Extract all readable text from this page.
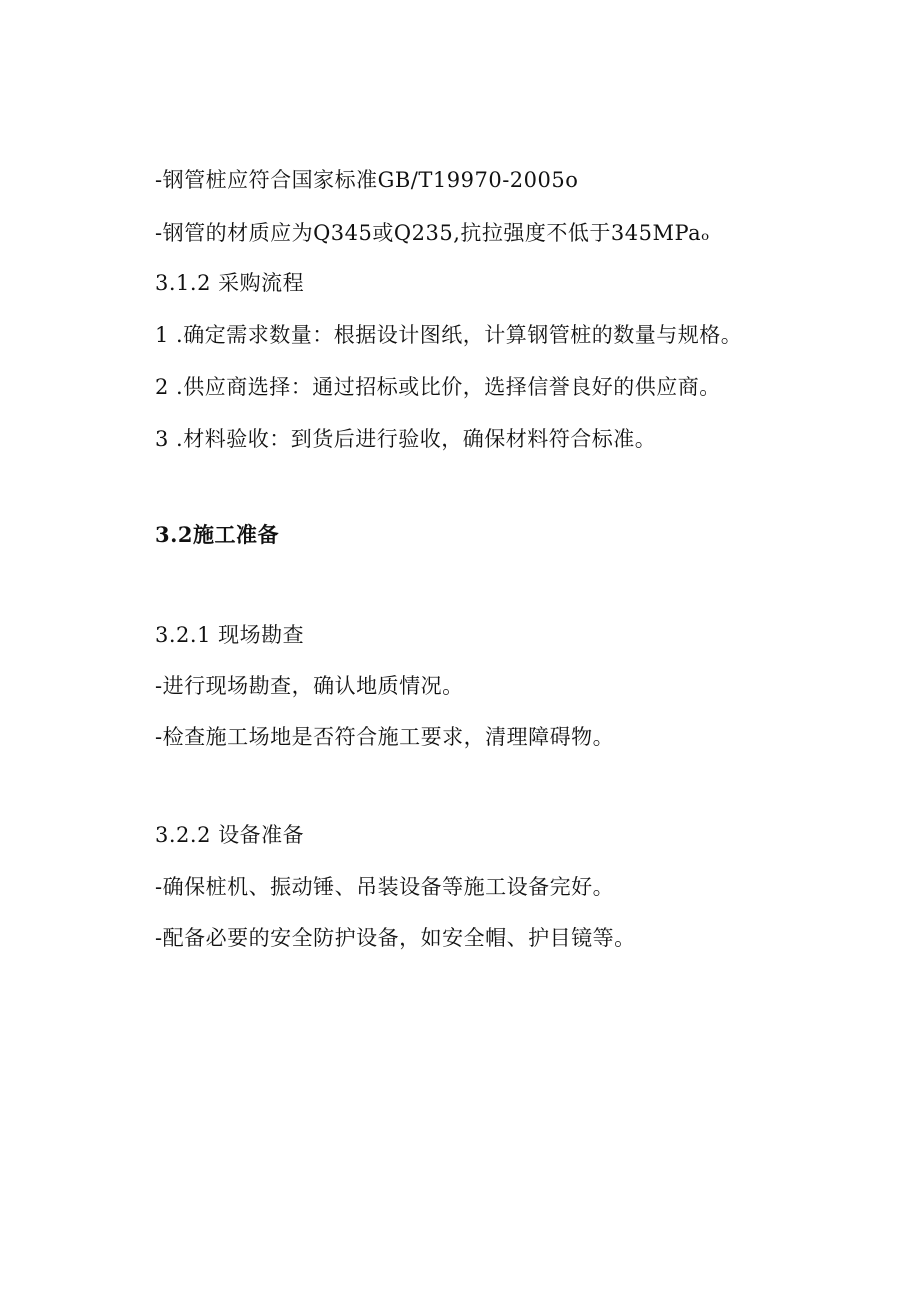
-钢管桩应符合国家标准GB/T19970-2005o
-钢管的材质应为Q345或Q235,抗拉强度不低于345MPaₒ
3.1.2 采购流程
1 .确定需求数量：根据设计图纸，计算钢管桩的数量与规格。
2 .供应商选择：通过招标或比价，选择信誉良好的供应商。
3 .材料验收：到货后进行验收，确保材料符合标准。
3.2施工准备
3.2.1 现场勘查
-进行现场勘查，确认地质情况。
-检查施工场地是否符合施工要求，清理障碍物。
3.2.2 设备准备
-确保桩机、振动锤、吊装设备等施工设备完好。
-配备必要的安全防护设备，如安全帽、护目镜等。
